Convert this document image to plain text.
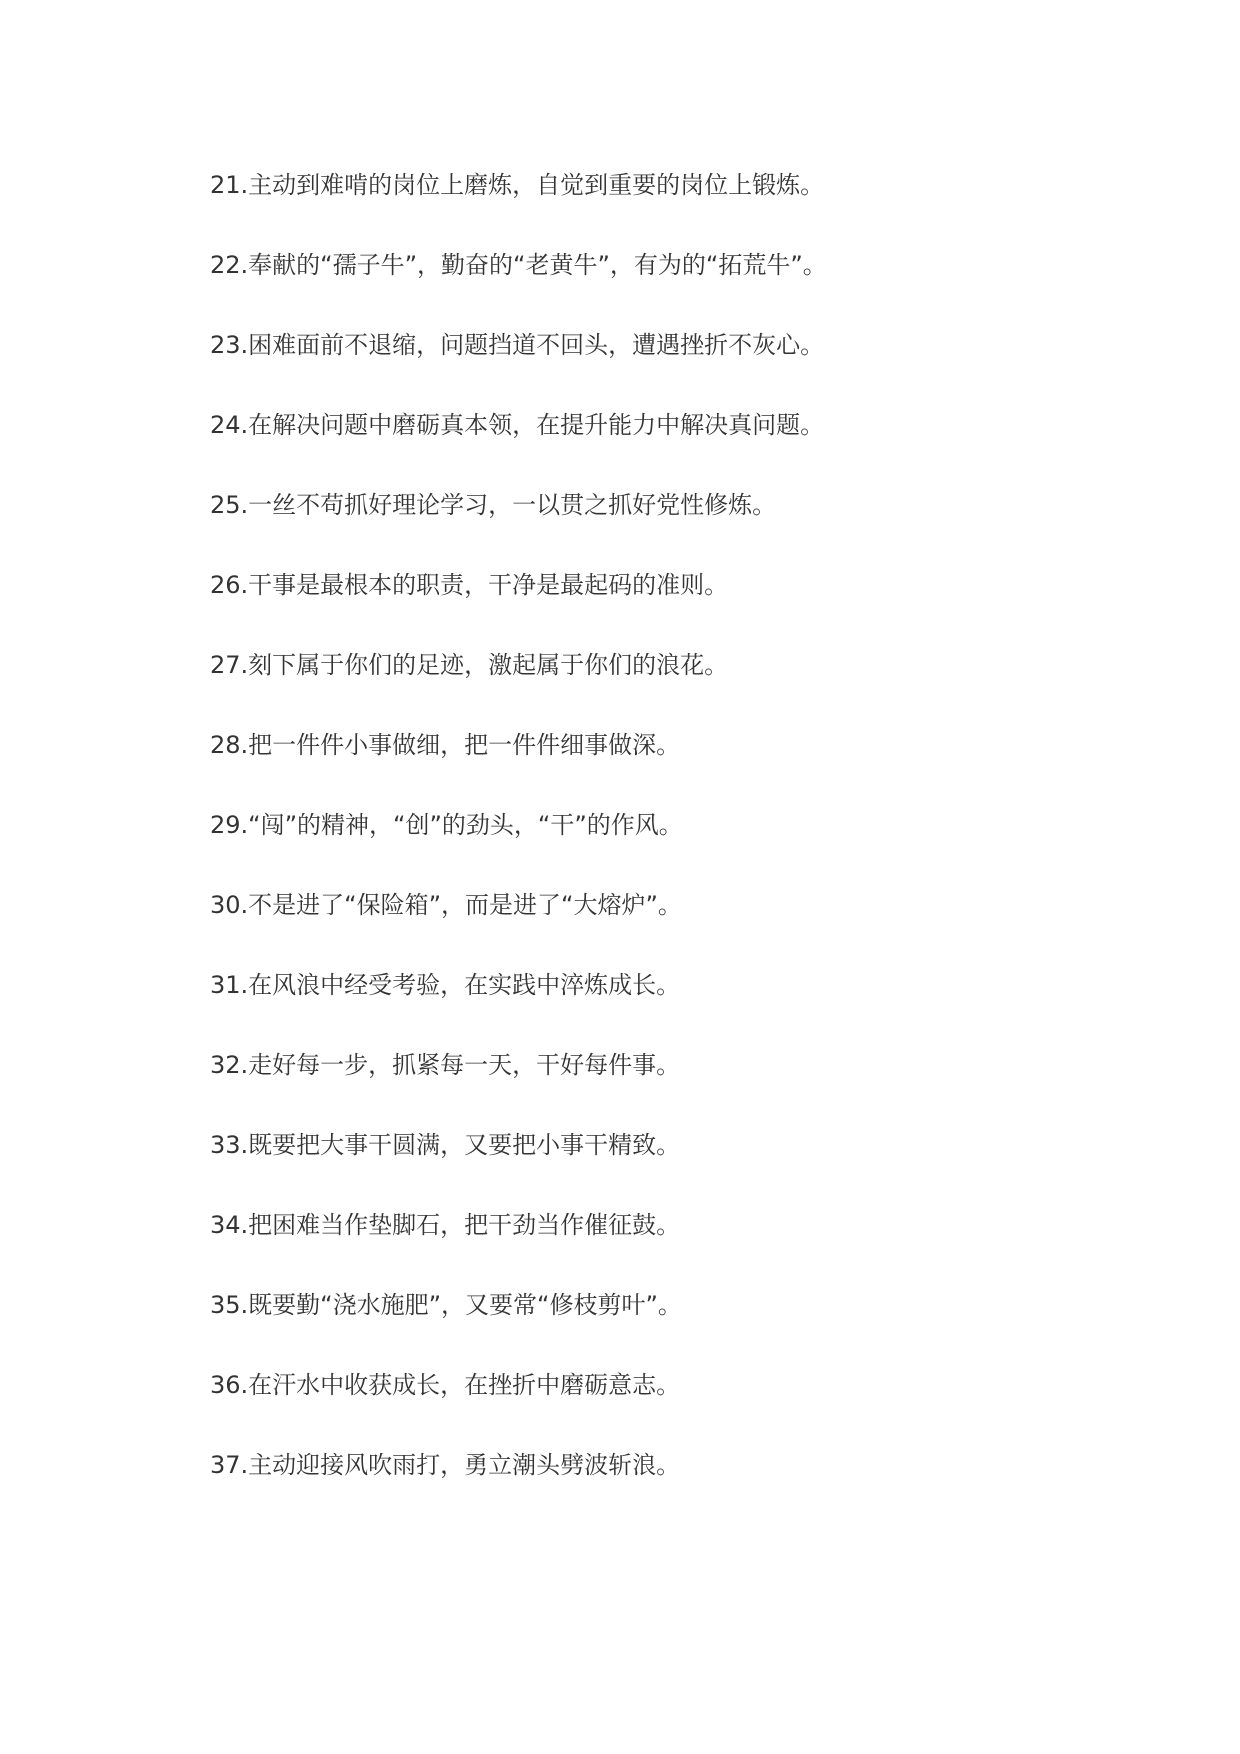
21.主动到难啃的岗位上磨炼，自觉到重要的岗位上锻炼。
22.奉献的“孺子牛”，勤奋的“老黄牛”，有为的“拓荒牛”。
23.困难面前不退缩，问题挡道不回头，遭遇挫折不灰心。
24.在解决问题中磨砺真本领，在提升能力中解决真问题。
25.一丝不苟抓好理论学习，一以贯之抓好党性修炼。
26.干事是最根本的职责，干净是最起码的准则。
27.刻下属于你们的足迹，激起属于你们的浪花。
28.把一件件小事做细，把一件件细事做深。
29.“闯”的精神，“创”的劲头，“干”的作风。
30.不是进了“保险箱”，而是进了“大熔炉”。
31.在风浪中经受考验，在实践中淬炼成长。
32.走好每一步，抓紧每一天，干好每件事。
33.既要把大事干圆满，又要把小事干精致。
34.把困难当作垫脚石，把干劲当作催征鼓。
35.既要勤“浇水施肥”，又要常“修枝剪叶”。
36.在汗水中收获成长，在挫折中磨砺意志。
37.主动迎接风吹雨打，勇立潮头劈波斩浪。
